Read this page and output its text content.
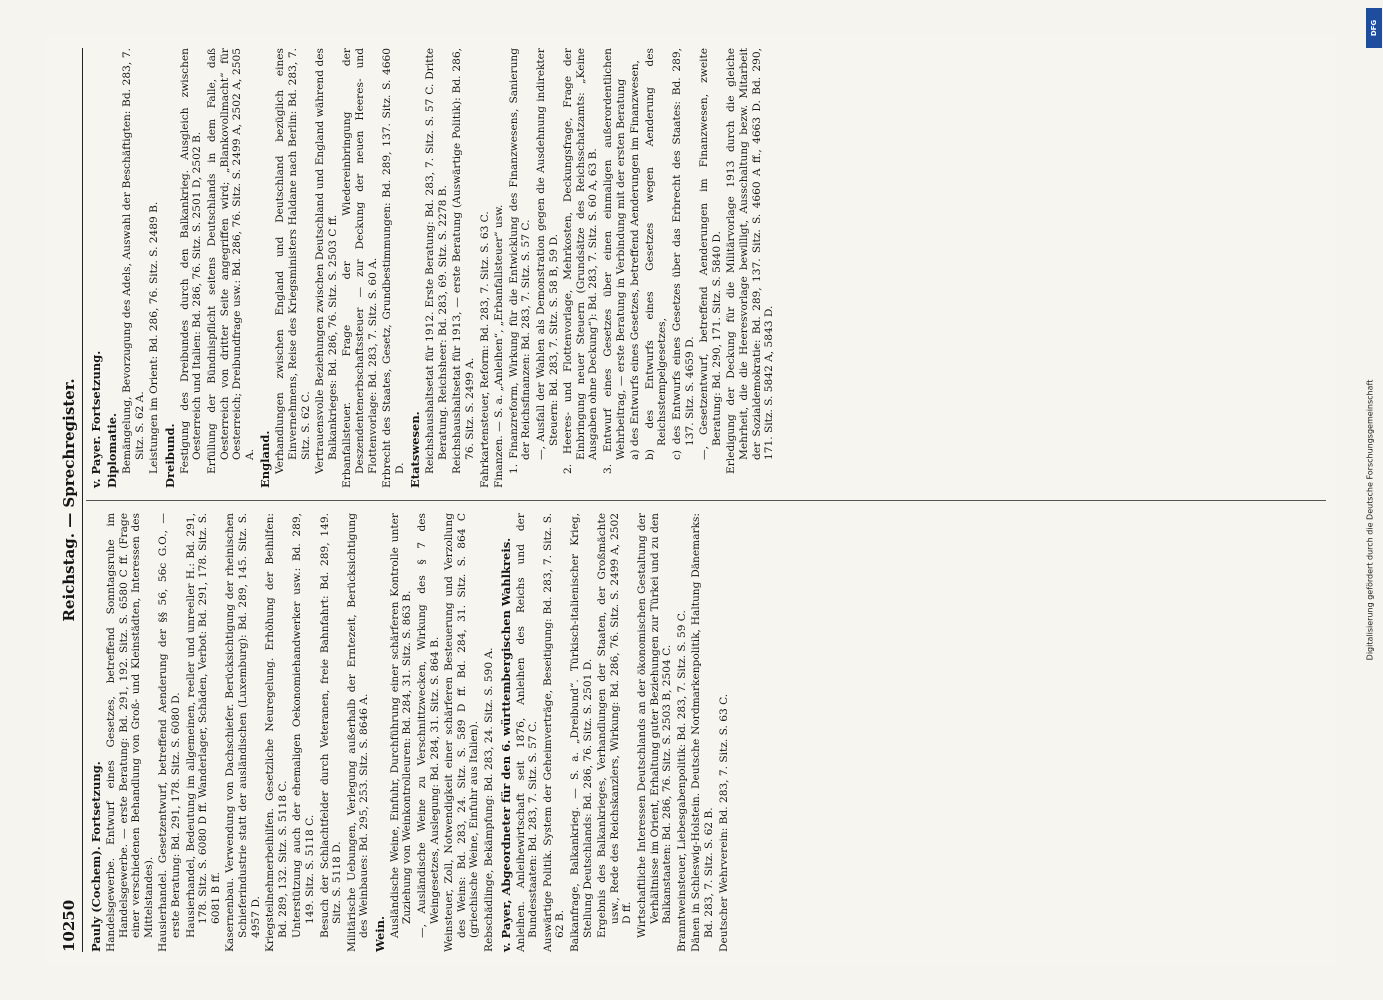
10250
Reichstag. — Sprechregister.

Pauly (Cochem). Fortsetzung. Handelsgewerbe. Entwurf eines Gesetzes, betreffend Sonntagsruhe im Handelsgewerbe. — erste Beratung: Bd. 291, 192. Sitz. S. 6580 C ff. (Frage einer verschiedenen Behandlung von Groß- und Kleinstädten, Interessen des Mittelstandes). Hausierhandel. Gesetzentwurf, betreffend Aenderung der §§ 56, 56c G.O., — erste Beratung: Bd. 291, 178. Sitz. S. 6080 D. Hausierhandel, Bedeutung im allgemeinen, reeller und unreeller H.: Bd. 291, 178. Sitz. S. 6080 D ff. Wanderlager, Schäden, Verbot: Bd. 291, 178. Sitz. S. 6081 B ff. Kasernenbau. Verwendung von Dachschiefer. Berücksichtigung der rheinischen Schieferindustrie statt der ausländischen (Luxemburg): Bd. 289, 145. Sitz. S. 4957 D. Kriegsteilnehmerbeihilfen. Gesetzliche Neuregelung. Erhöhung der Beihilfen: Bd. 289, 132. Sitz. S. 5118 C. Unterstützung auch der ehemaligen Oekonomiehandwerker usw.: Bd. 289, 149. Sitz. S. 5118 C. Besuch der Schlachtfelder durch Veteranen, freie Bahnfahrt: Bd. 289, 149. Sitz. S. 5118 D. Militärische Uebungen, Verlegung außerhalb der Erntezeit, Berücksichtigung des Weinbaues: Bd. 295, 253. Sitz. S. 8646 A. Wein. Ausländische Weine, Einfuhr, Durchführung einer schärferen Kontrolle unter Zuziehung von Weinkontrolleuren: Bd. 284, 31. Sitz. S. 863 B. —, Ausländische Weine zu Verschnittzwecken, Wirkung des § 7 des Weingesetzes, Auslegung: Bd. 284, 31. Sitz. S. 864 B. Weinsteuer, Zoll, Notwendigkeit einer schärferen Besteuerung und Verzollung des Weins: Bd. 283, 24. Sitz. S. 589 D ff. Bd. 284, 31. Sitz. S. 864 C (griechische Weine, Einfuhr aus Italien). Rebschädlinge, Bekämpfung: Bd. 283, 24. Sitz. S. 590 A. v. Payer, Abgeordneter für den 6. württembergischen Wahlkreis. Anleihen. Anleihewirtschaft seit 1876, Anleihen des Reichs und der Bundesstaaten: Bd. 283, 7. Sitz. S. 57 C. Auswärtige Politik. System der Geheimverträge, Beseitigung: Bd. 283, 7. Sitz. S. 62 B. Balkanfrage, Balkankrieg. — S. a. „Dreibund“. Türkisch-italienischer Krieg, Stellung Deutschlands: Bd. 286, 76. Sitz. S. 2501 D. Ergebnis des Balkankrieges, Verhandlungen der Staaten, der Großmächte usw., Rede des Reichskanzlers, Wirkung: Bd. 286, 76. Sitz. S. 2499 A, 2502 D ff. Wirtschaftliche Interessen Deutschlands an der ökonomischen Gestaltung der Verhältnisse im Orient, Erhaltung guter Beziehungen zur Türkei und zu den Balkanstaaten: Bd. 286, 76. Sitz. S. 2503 B, 2504 C. Branntweinsteuer, Liebesgabenpolitik: Bd. 283, 7. Sitz. S. 59 C. Dänen in Schleswig-Holstein. Deutsche Nordmarkenpolitik, Haltung Dänemarks: Bd. 283, 7. Sitz. S. 62 B. Deutscher Wehrverein: Bd. 283, 7. Sitz. S. 63 C.

v. Payer. Fortsetzung. Diplomatie. Bemängelung, Bevorzugung des Adels, Auswahl der Beschäftigten: Bd. 283, 7. Sitz. S. 62 A. Leistungen im Orient: Bd. 286, 76. Sitz. S. 2489 B. Dreibund. Festigung des Dreibundes durch den Balkankrieg. Ausgleich zwischen Oesterreich und Italien: Bd. 286, 76. Sitz. S. 2501 D, 2502 B. Erfüllung der Bündnispflicht seitens Deutschlands in dem Falle, daß Oesterreich von dritter Seite angegriffen wird; „Blankovollmacht“ für Oesterreich; Dreibundfrage usw.: Bd. 286, 76. Sitz. S. 2499 A, 2502 A, 2505 A. England. Verhandlungen zwischen England und Deutschland bezüglich eines Einvernehmens, Reise des Kriegsministers Haldane nach Berlin: Bd. 283, 7. Sitz. S. 62 C. Vertrauensvolle Beziehungen zwischen Deutschland und England während des Balkankrieges: Bd. 286, 76. Sitz. S. 2503 C ff. Erbanfallsteuer. Frage der Wiedereinbringung der Deszendentenerbschaftssteuer — zur Deckung der neuen Heeres- und Flottenvorlage: Bd. 283, 7. Sitz. S. 60 A. Erbrecht des Staates, Gesetz, Grundbestimmungen: Bd. 289, 137. Sitz. S. 4660 D. Etatswesen. Reichshaushaltsetat für 1912. Erste Beratung: Bd. 283, 7. Sitz. S. 57 C. Dritte Beratung. Reichsheer: Bd. 283, 69. Sitz. S. 2278 B. Reichshaushaltsetat für 1913, — erste Beratung (Auswärtige Politik): Bd. 286, 76. Sitz. S. 2499 A. Fahrkartensteuer, Reform: Bd. 283, 7. Sitz. S. 63 C. Finanzen. — S. a. „Anleihen“, „Erbanfallsteuer“ usw. 1. Finanzreform, Wirkung für die Entwicklung des Finanzwesens, Sanierung der Reichsfinanzen: Bd. 283, 7. Sitz. S. 57 C. —, Ausfall der Wahlen als Demonstration gegen die Ausdehnung indirekter Steuern: Bd. 283, 7. Sitz. S. 58 B, 59 D. 2. Heeres- und Flottenvorlage, Mehrkosten, Deckungsfrage, Frage der Einbringung neuer Steuern (Grundsätze des Reichsschatzamts: „Keine Ausgaben ohne Deckung“): Bd. 283, 7. Sitz. S. 60 A, 63 B. 3. Entwurf eines Gesetzes über einen einmaligen außerordentlichen Wehrbeitrag, — erste Beratung in Verbindung mit der ersten Beratung a) des Entwurfs eines Gesetzes, betreffend Aenderungen im Finanzwesen, b) des Entwurfs eines Gesetzes wegen Aenderung des Reichsstempelgesetzes, c) des Entwurfs eines Gesetzes über das Erbrecht des Staates: Bd. 289, 137. Sitz. S. 4659 D. —, Gesetzentwurf, betreffend Aenderungen im Finanzwesen, zweite Beratung: Bd. 290, 171. Sitz. S. 5840 D. Erledigung der Deckung für die Militärvorlage 1913 durch die gleiche Mehrheit, die die Heeresvorlage bewilligt, Ausschaltung bezw. Mitarbeit der Sozialdemokratie: Bd. 289, 137. Sitz. S. 4660 A ff., 4663 D. Bd. 290, 171. Sitz. S. 5842 A, 5843 D.

DFG
Digitalisierung gefördert durch die Deutsche Forschungsgemeinschaft
